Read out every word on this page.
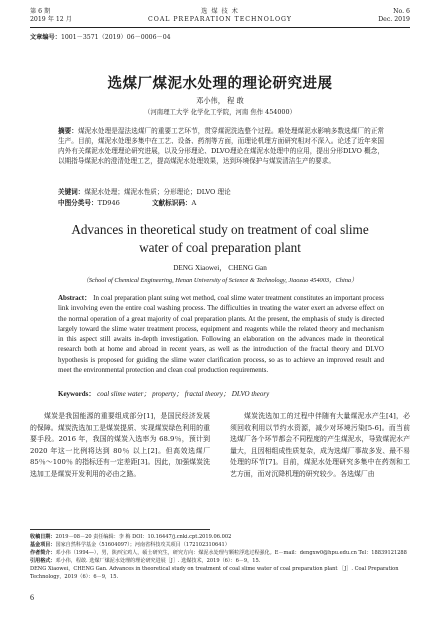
第 6 期
2019 年 12 月
选 煤 技 术
COAL PREPARATION TECHNOLOGY
No. 6
Dec. 2019
文章编号：1001－3571（2019）06－0006－04
选煤厂煤泥水处理的理论研究进展
邓小伟， 程 敢
（河南理工大学 化学化工学院，河南 焦作 454000）
摘要：煤泥水处理是湿法选煤厂的重要工艺环节，贯穿煤泥洗选整个过程。难处理煤泥水影响多数选煤厂的正常生产。目前，煤泥水处理多集中在工艺、设备、药剂等方面，而理论机理方面研究相对不深入。论述了近年来国内外有关煤泥水处理理论研究进展，以及分形理论、DLVO理论在煤泥水处理中的应用，提出分形DLVO 概念，以期指导煤泥水的澄清处理工艺，提高煤泥水处理效果，达到环境保护与煤炭清洁生产的要求。
关键词：煤泥水处理；煤泥水性质；分形理论；DLVO 理论
中图分类号：TD946	文献标识码：A
Advances in theoretical study on treatment of coal slime water of coal preparation plant
DENG Xiaowei， CHENG Gan
（School of Chemical Engineering, Henan University of Science & Technology, Jiaozuo 454003，China）
Abstract： In coal preparation plant suing wet method, coal slime water treatment constitutes an important process link involving even the entire coal washing process. The difficulties in treating the water exert an adverse effect on the normal operation of a great majority of coal preparation plants. At the present, the emphasis of study is directed largely toward the slime water treatment process, equipment and reagents while the related theory and mechanism in this aspect still awaits in-depth investigation. Following an elaboration on the advances made in theoretical research both at home and abroad in recent years, as well as the introduction of the fractal theory and DLVO hypothesis is proposed for guiding the slime water clarification process, so as to achieve an improved result and meet the environmental protection and clean coal production requirements.
Keywords： coal slime water； property； fractal theory； DLVO theory
煤炭是我国能源的重要组成部分[1]，是国民经济发展的保障。煤炭洗选加工是煤炭提质、实现煤炭绿色利用的重要手段。2016 年，我国的煤炭入选率为 68.9％，预计到 2020 年这一比例将达到 80％ 以上[2]。但高效选煤厂 85％～100％ 的指标还有一定差距[3]。因此，加强煤炭洗选加工是煤炭开发利用的必由之路。
煤炭洗选加工的过程中伴随有大量煤泥水产生[4]，必须回收利用以节约水资源，减少对环境污染[5-6]。而当前选煤厂各个环节都会不同程度的产生煤泥水，导致煤泥水产量大，且因相组成性质复杂，成为选煤厂事故多发、最不易处理的环节[7]。目前，煤泥水处理研究多集中在药剂和工艺方面，而对沉降机理的研究较少。各选煤厂由
收稿日期：2019－08－20 责任编辑：李 梅 DOI：10.16447/j.cnki.cpt.2019.06.002
基金项目：国家自然科学基金（51604097）；河南省科技攻关项目（172102310641）
作者简介：邓小伟（1994—），男，陕西宝鸡人，硕士研究生，研究方向：煤泥水处理与颗粒浮选过程强化。E－mail：dengxw0@hpu.edu.cn Tel：18839121288
引用格式：邓小伟，程敢. 选煤厂煤泥水处理的理论研究进展［J］. 选煤技术，2019（6）：6－9，15.
DENG Xiaowei，CHENG Gan. Advances in theoretical study on treatment of coal slime water of coal preparation plant ［J］. Coal Preparation Technology，2019（6）：6－9，15.
6
